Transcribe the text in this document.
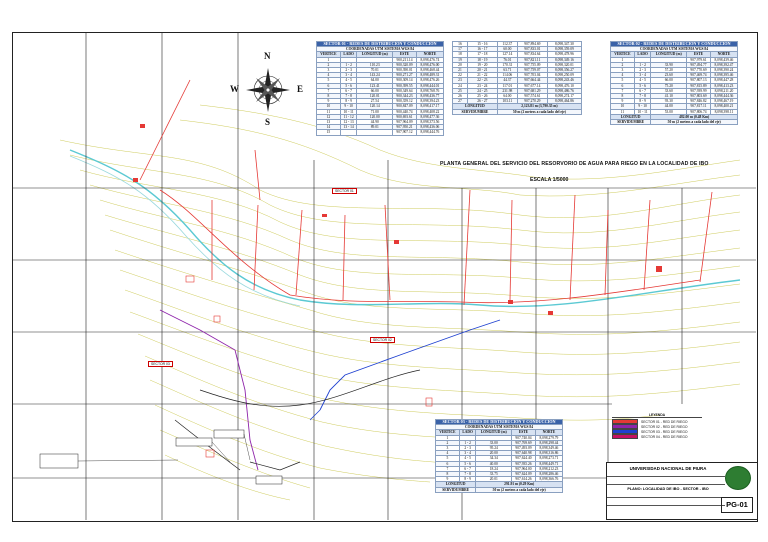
N
S
E
W
SECTOR 01
SECTOR 02
SECTOR 03
PLANTA GENERAL DEL SERVICIO DEL RESORVORIO DE AGUA PARA RIEGO EN LA LOCALIDAD DE IBO
ESCALA 1/5000
SECTOR 01 - REDES DE DISTRIBUCION Y CONDUCCION				
COORDENADAS UTM SISTEMA WGS 84				
VERTICE	LADO	LONGITUD (m)	ESTE	NORTE
1			900,211.14	8,098,476.74
2	1 - 2	110.23	900,320.09	8,098,476.00
3	2 - 3	70.01	900,390.01	8,098,468.44
4	3 - 4	143.24	900,271.27	8,098,489.31
5	4 - 5	64.00	900,309.14	8,098,476.26
6	5 - 6	123.41	900,399.55	8,098,444.01
7	6 - 7	66.00	900,349.64	8,098,768.76
8	7 - 8	120.01	900,344.23	8,098,436.77
9	8 - 9	27.54	900,359.12	8,098,394.23
10	9 - 10	120.14	900,847.09	8,098,417.17
11	10 - 11	71.00	900,440.74	8,098,408.22
12	11 - 12	120.00	900,693.61	8,098,477.36
13	12 - 13	44.90	907,964.09	8,098,373.56
14	13 - 14	89.01	907,950.21	8,098,436.06
15			907,907.12	8,098,444.76
16	15 - 16	112.37	907,894.69	8,098,347.30
17	16 - 17	60.00	907,833.01	8,098,359.09
18	17 - 18	127.14	907,834.64	8,098,478.96
19	18 - 19	76.01	907,821.11	8,098,349.16
20	19 - 20	170.31	907,755.09	8,098,320.01
21	20 - 21	63.71	907,759.07	8,098,356.27
22	21 - 22	114.06	907,703.04	8,098,250.09
23	22 - 23	44.37	907,664.44	8,098,243.46
24	23 - 24	117.01	907,677.14	8,098,476.10
25	24 - 25	231.98	907,681.29	8,098,486.76
26	25 - 26	64.00	907,574.61	8,098,274.17
27	26 - 27	103.11	907,270.29	8,098,464.86
LONGITUD		2,123.81 m (3,790.35 m)		
SERVIDUMBRE		50 m (2 metros a cada lado del eje)		
SECTOR 02 - REDES DE DISTRIBUCION Y CONDUCCION				
COORDENADAS UTM SISTEMA WGS 84				
VERTICE	LADO	LONGITUD (m)	ESTE	NORTE
1			907,979.61	8,098,439.46
2	1 - 2	33.90	907,494.77	8,098,392.47
3	2 - 3	57.20	907,770.69	8,098,390.24
4	3 - 4	23.60	907,469.74	8,098,395.46
5	4 - 5	66.00	907,807.13	8,098,447.28
6	5 - 6	75.20	907,815.89	8,098,413.23
7	6 - 7	33.60	907,939.99	8,098,211.20
8	7 - 8	41.10	907,803.69	8,098,444.36
9	8 - 9	93.30	907,846.82	8,098,467.19
10	9 - 10	44.00	907,817.11	8,098,400.21
11	10 - 11	53.00	907,806.74	8,098,398.11
LONGITUD		482.00 m (0.48 Km)		
SERVIDUMBRE		50 m (2 metros a cada lado del eje)		
SECTOR 03 - REDES DE DISTRIBUCION Y CONDUCCION				
COORDENADAS UTM SISTEMA WGS 84				
VERTICE	LADO	LONGITUD (m)	ESTE	NORTE
1			907,740.04	8,098,279.79
2	1 - 2	33.00	907,769.69	8,098,298.44
3	2 - 3	95.24	907,493.09	8,098,349.46
4	3 - 4	20.00	907,640.98	8,098,316.86
5	4 - 5	34.34	907,624.40	8,098,273.71
6	5 - 6	40.00	907,935.26	8,098,449.71
7	6 - 7	18.24	907,964.00	8,098,212.23
8	7 - 8	33.75	907,624.09	8,098,286.46
9	8 - 9	20.01	907,614.26	8,098,366.76
LONGITUD		291.91 m (0.29 Km)		
SERVIDUMBRE		50 m (2 metros a cada lado del eje)		
LEYENDA
SECTOR 01 - RED DE RIEGO
SECTOR 02 - RED DE RIEGO
SECTOR 03 - RED DE RIEGO
SECTOR 04 - RED DE RIEGO
UNIVERSIDAD NACIONAL DE PIURA
PLANO: LOCALIDAD DE IBO - SECTOR - IBO
PG-01
